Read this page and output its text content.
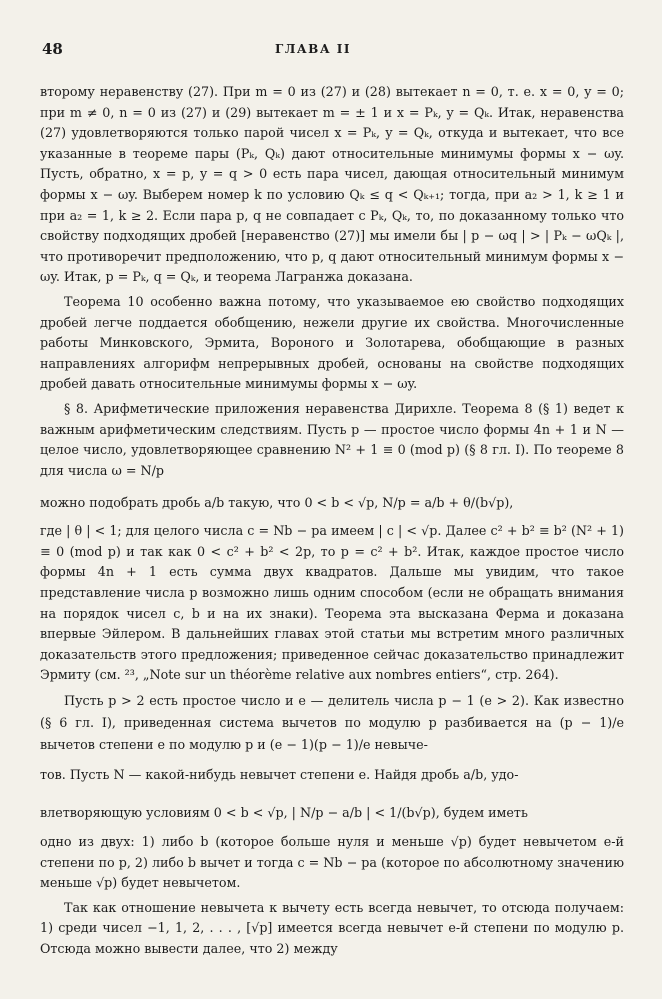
48	ГЛАВА II

второму неравенству (27). При m = 0 из (27) и (28) вытекает n = 0, т. е. x = 0, y = 0; при m ≠ 0, n = 0 из (27) и (29) вытекает m = ± 1 и x = Pₖ, y = Qₖ. Итак, неравенства (27) удовлетворяются только парой чисел x = Pₖ, y = Qₖ, откуда и вытекает, что все указанные в теореме пары (Pₖ, Qₖ) дают относительные минимумы формы x − ωy. Пусть, обратно, x = p, y = q > 0 есть пара чисел, дающая относительный минимум формы x − ωy. Выберем номер k по условию Qₖ ≤ q < Qₖ₊₁; тогда, при a₂ > 1, k ≥ 1 и при a₂ = 1, k ≥ 2. Если пара p, q не совпадает с Pₖ, Qₖ, то, по доказанному только что свойству подходящих дробей [неравенство (27)] мы имели бы | p − ωq | > | Pₖ − ωQₖ |, что противоречит предположению, что p, q дают относительный минимум формы x − ωy. Итак, p = Pₖ, q = Qₖ, и теорема Лагранжа доказана.

Теорема 10 особенно важна потому, что указываемое ею свойство подходящих дробей легче поддается обобщению, нежели другие их свойства. Многочисленные работы Минковского, Эрмита, Вороного и Золотарева, обобщающие в разных направлениях алгорифм непрерывных дробей, основаны на свойстве подходящих дробей давать относительные минимумы формы x − ωy.

§ 8. Арифметические приложения неравенства Дирихле. Теорема 8 (§ 1) ведет к важным арифметическим следствиям. Пусть p — простое число формы 4n + 1 и N — целое число, удовлетворяющее сравнению N² + 1 ≡ 0 (mod p) (§ 8 гл. I). По теореме 8 для числа ω = N/p

можно подобрать дробь a/b такую, что 0 < b < √p, N/p = a/b + θ/(b√p),

где | θ | < 1; для целого числа c = Nb − pa имеем | c | < √p. Далее c² + b² ≡ b² (N² + 1) ≡ 0 (mod p) и так как 0 < c² + b² < 2p, то p = c² + b². Итак, каждое простое число формы 4n + 1 есть сумма двух квадратов. Дальше мы увидим, что такое представление числа p возможно лишь одним способом (если не обращать внимания на порядок чисел c, b и на их знаки). Теорема эта высказана Ферма и доказана впервые Эйлером. В дальнейших главах этой статьи мы встретим много различных доказательств этого предложения; приведенное сейчас доказательство принадлежит Эрмиту (см. ²³, „Note sur un théorème relative aux nombres entiers“, стр. 264).

Пусть p > 2 есть простое число и e — делитель числа p − 1 (e > 2). Как известно (§ 6 гл. I), приведенная система вычетов по модулю p разбивается на (p − 1)/e вычетов степени e по модулю p и (e − 1)(p − 1)/e невыче-

тов. Пусть N — какой-нибудь невычет степени e. Найдя дробь a/b, удо-

влетворяющую условиям 0 < b < √p, | N/p − a/b | < 1/(b√p), будем иметь

одно из двух: 1) либо b (которое больше нуля и меньше √p) будет невычетом e-й степени по p, 2) либо b вычет и тогда c = Nb − pa (которое по абсолютному значению меньше √p) будет невычетом.

Так как отношение невычета к вычету есть всегда невычет, то отсюда получаем: 1) среди чисел −1, 1, 2, . . . , [√p] имеется всегда невычет e-й степени по модулю p. Отсюда можно вывести далее, что 2) между
